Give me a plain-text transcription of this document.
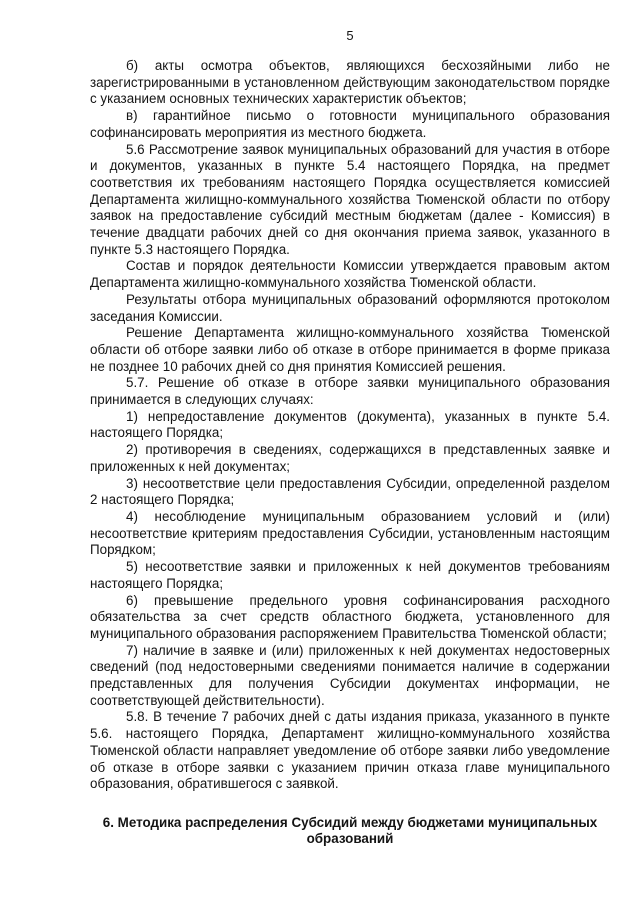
5

б) акты осмотра объектов, являющихся бесхозяйными либо не зарегистрированными в установленном действующим законодательством порядке с указанием основных технических характеристик объектов;

в) гарантийное письмо о готовности муниципального образования софинансировать мероприятия из местного бюджета.

5.6 Рассмотрение заявок муниципальных образований для участия в отборе и документов, указанных в пункте 5.4 настоящего Порядка, на предмет соответствия их требованиям настоящего Порядка осуществляется комиссией Департамента жилищно-коммунального хозяйства Тюменской области по отбору заявок на предоставление субсидий местным бюджетам (далее - Комиссия) в течение двадцати рабочих дней со дня окончания приема заявок, указанного в пункте 5.3 настоящего Порядка.

Состав и порядок деятельности Комиссии утверждается правовым актом Департамента жилищно-коммунального хозяйства Тюменской области.

Результаты отбора муниципальных образований оформляются протоколом заседания Комиссии.

Решение Департамента жилищно-коммунального хозяйства Тюменской области об отборе заявки либо об отказе в отборе принимается в форме приказа не позднее 10 рабочих дней со дня принятия Комиссией решения.

5.7. Решение об отказе в отборе заявки муниципального образования принимается в следующих случаях:

1) непредоставление документов (документа), указанных в пункте 5.4. настоящего Порядка;

2) противоречия в сведениях, содержащихся в представленных заявке и приложенных к ней документах;

3) несоответствие цели предоставления Субсидии, определенной разделом 2 настоящего Порядка;

4) несоблюдение муниципальным образованием условий и (или) несоответствие критериям предоставления Субсидии, установленным настоящим Порядком;

5) несоответствие заявки и приложенных к ней документов требованиям настоящего Порядка;

6) превышение предельного уровня софинансирования расходного обязательства за счет средств областного бюджета, установленного для муниципального образования распоряжением Правительства Тюменской области;

7) наличие в заявке и (или) приложенных к ней документах недостоверных сведений (под недостоверными сведениями понимается наличие в содержании представленных для получения Субсидии документах информации, не соответствующей действительности).

5.8. В течение 7 рабочих дней с даты издания приказа, указанного в пункте 5.6. настоящего Порядка, Департамент жилищно-коммунального хозяйства Тюменской области направляет уведомление об отборе заявки либо уведомление об отказе в отборе заявки с указанием причин отказа главе муниципального образования, обратившегося с заявкой.

6. Методика распределения Субсидий между бюджетами муниципальных образований
